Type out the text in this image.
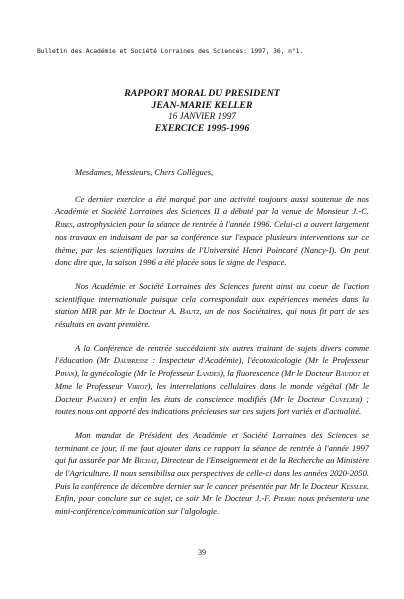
Bulletin des Académie et Société Lorraines des Sciences: 1997, 36, n°1.
RAPPORT MORAL DU PRESIDENT
JEAN-MARIE KELLER
16 JANVIER 1997
EXERCICE 1995-1996

Mesdames, Messieurs, Chers Collègues,

Ce dernier exercice a été marqué par une activité toujours aussi soutenue de nos Académie et Société Lorraines des Sciences II a débuté par la venue de Monsieur J.-C. Ribes, astrophysicien pour la séance de rentrée à l'année 1996. Celui-ci a ouvert largement nos travaux en induisant de par sa conférence sur l'espace plusieurs interventions sur ce thème, par les scientifiques lorrains de l'Université Henri Poincaré (Nancy-I). On peut donc dire que, la saison 1996 a été placée sous le signe de l'espace.

Nos Académie et Société Lorraines des Sciences furent ainsi au coeur de l'action scientifique internationale puisque cela correspondait aux expériences menées dans la station MIR par Mr le Docteur A. Bautz, un de nos Sociétaires, qui nous fit part de ses résultats en avant première.

A la Conférence de rentrée succédaient six autres traitant de sujets divers comme l'éducation (Mr Daubresse : Inspecteur d'Académie), l'écotoxicologie (Mr le Professeur Pihan), la gynécologie (Mr le Professeur Landes), la fluorescence (Mr le Docteur Baudot et Mme le Professeur Viriot), les interrelations cellulaires dans le monde végétal (Mr le Docteur Paigney) et enfin les états de conscience modifiés (Mr le Docteur Cuvelier) ; toutes nous ont apporté des indications précieuses sur ces sujets fort variés et d'actualité.

Mon mandat de Président des Académie et Société Lorraines des Sciences se terminant ce jour, il me faut ajouter dans ce rapport la séance de rentrée à l'année 1997 qui fut assurée par Mr Bichat, Directeur de l'Enseignement et de la Recherche au Ministère de l'Agriculture. Il nous sensibilisa aux perspectives de celle-ci dans les années 2020-2050. Puis la conférence de décembre dernier sur le cancer présentée par Mr le Docteur Kessler. Enfin, pour conclure sur ce sujet, ce soir Mr le Docteur J.-F. Pierre nous présentera une mini-conférence/communication sur l'algologie.

39
